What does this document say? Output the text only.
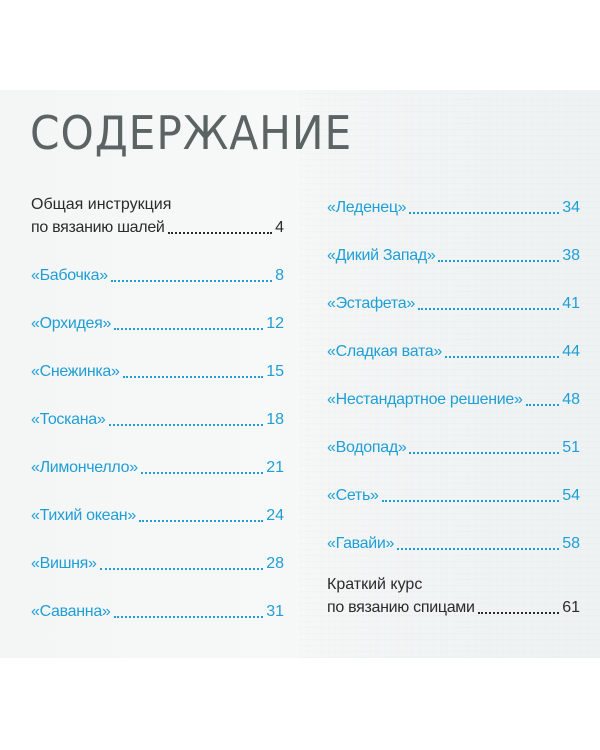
СОДЕРЖАНИЕ
Общая инструкция
по вязанию шалей	4
«Бабочка»	8
«Орхидея»	12
«Снежинка»	15
«Тоскана»	18
«Лимончелло»	21
«Тихий океан»	24
«Вишня»	28
«Саванна»	31
«Леденец»	34
«Дикий Запад»	38
«Эстафета»	41
«Сладкая вата»	44
«Нестандартное решение» 48
«Водопад»	51
«Сеть»	54
«Гавайи»	58
Краткий курс
по вязанию спицами	61
